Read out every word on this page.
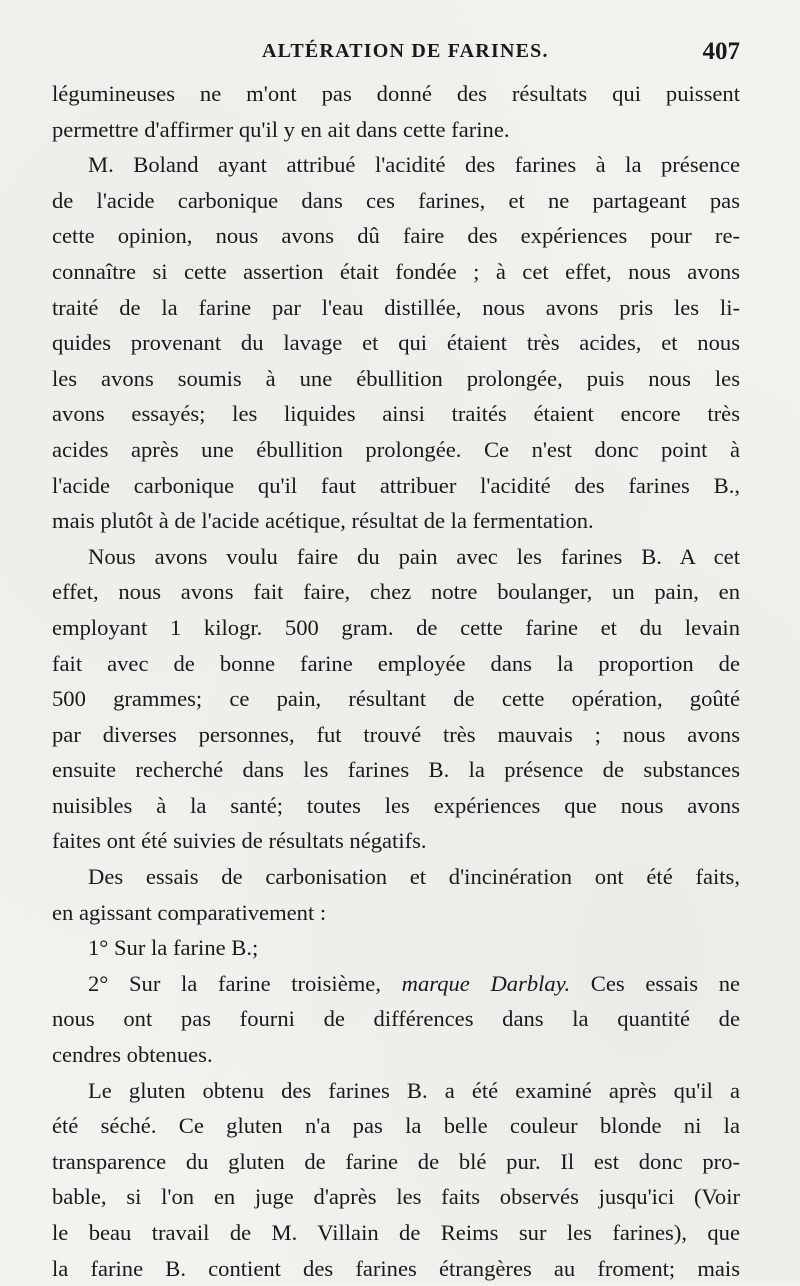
ALTÉRATION DE FARINES.	407
légumineuses ne m'ont pas donné des résultats qui puissent
permettre d'affirmer qu'il y en ait dans cette farine.
M. Boland ayant attribué l'acidité des farines à la présence
de l'acide carbonique dans ces farines, et ne partageant pas
cette opinion, nous avons dû faire des expériences pour re-
connaître si cette assertion était fondée ; à cet effet, nous avons
traité de la farine par l'eau distillée, nous avons pris les li-
quides provenant du lavage et qui étaient très acides, et nous
les avons soumis à une ébullition prolongée, puis nous les
avons essayés; les liquides ainsi traités étaient encore très
acides après une ébullition prolongée. Ce n'est donc point à
l'acide carbonique qu'il faut attribuer l'acidité des farines B.,
mais plutôt à de l'acide acétique, résultat de la fermentation.
Nous avons voulu faire du pain avec les farines B. A cet
effet, nous avons fait faire, chez notre boulanger, un pain, en
employant 1 kilogr. 500 gram. de cette farine et du levain
fait avec de bonne farine employée dans la proportion de
500 grammes; ce pain, résultant de cette opération, goûté
par diverses personnes, fut trouvé très mauvais ; nous avons
ensuite recherché dans les farines B. la présence de substances
nuisibles à la santé; toutes les expériences que nous avons
faites ont été suivies de résultats négatifs.
Des essais de carbonisation et d'incinération ont été faits,
en agissant comparativement :
1° Sur la farine B.;
2° Sur la farine troisième, marque Darblay. Ces essais ne
nous ont pas fourni de différences dans la quantité de
cendres obtenues.
Le gluten obtenu des farines B. a été examiné après qu'il a
été séché. Ce gluten n'a pas la belle couleur blonde ni la
transparence du gluten de farine de blé pur. Il est donc pro-
bable, si l'on en juge d'après les faits observés jusqu'ici (Voir
le beau travail de M. Villain de Reims sur les farines), que
la farine B. contient des farines étrangères au froment; mais
